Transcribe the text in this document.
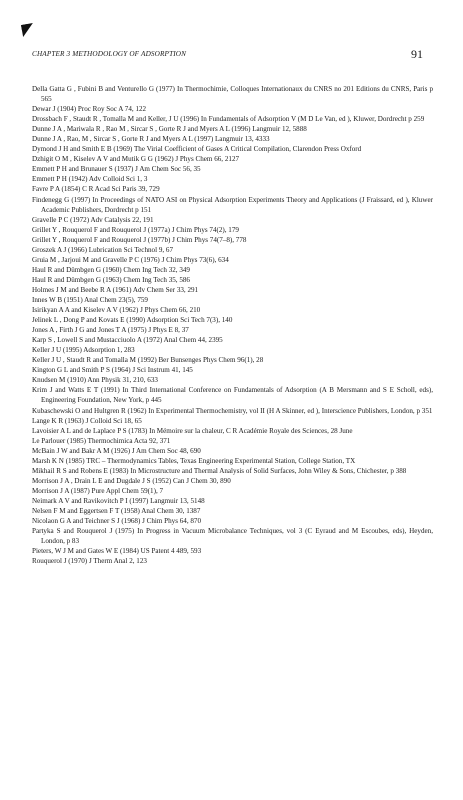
CHAPTER 3 METHODOLOGY OF ADSORPTION	91
Della Gatta G , Fubini B and Venturello G (1977) In Thermochimie, Colloques Internationaux du CNRS no 201 Editions du CNRS, Paris p 565
Dewar J (1904) Proc Roy Soc A 74, 122
Drossbach F , Staudt R , Tomalla M and Keller, J U (1996) In Fundamentals of Adsorption V (M D Le Van, ed ), Kluwer, Dordrecht p 259
Dunne J A , Mariwala R , Rao M , Sircar S , Gorte R J and Myers A L (1996) Langmuir 12, 5888
Dunne J A , Rao, M , Sircar S , Gorte R J and Myers A L (1997) Langmuir 13, 4333
Dymond J H and Smith E B (1969) The Virial Coefficient of Gases A Critical Compilation, Clarendon Press Oxford
Dzhigit O M , Kiselev A V and Mutik G G (1962) J Phys Chem 66, 2127
Emmett P H and Brunauer S (1937) J Am Chem Soc 56, 35
Emmett P H (1942) Adv Colloid Sci 1, 3
Favre P A (1854) C R Acad Sci Paris 39, 729
Findenegg G (1997) In Proceedings of NATO ASI on Physical Adsorption Experiments Theory and Applications (J Fraissard, ed ), Kluwer Academic Publishers, Dordrecht p 151
Gravelle P C (1972) Adv Catalysis 22, 191
Grillet Y , Rouquerol F and Rouquerol J (1977a) J Chim Phys 74(2), 179
Grillet Y , Rouquerol F and Rouquerol J (1977b) J Chim Phys 74(7–8), 778
Groszek A J (1966) Lubrication Sci Technol 9, 67
Gruia M , Jarjoui M and Gravelle P C (1976) J Chim Phys 73(6), 634
Haul R and Dümbgen G (1960) Chem Ing Tech 32, 349
Haul R and Dümbgen G (1963) Chem Ing Tech 35, 586
Holmes J M and Beebe R A (1961) Adv Chem Ser 33, 291
Innes W B (1951) Anal Chem 23(5), 759
Isirikyan A A and Kiselev A V (1962) J Phys Chem 66, 210
Jelinek L , Dong P and Kovats E (1990) Adsorption Sci Tech 7(3), 140
Jones A , Firth J G and Jones T A (1975) J Phys E 8, 37
Karp S , Lowell S and Mustacciuolo A (1972) Anal Chem 44, 2395
Keller J U (1995) Adsorption 1, 283
Keller J U , Staudt R and Tomalla M (1992) Ber Bunsenges Phys Chem 96(1), 28
Kington G L and Smith P S (1964) J Sci Instrum 41, 145
Knudsen M (1910) Ann Physik 31, 210, 633
Krim J and Watts E T (1991) In Third International Conference on Fundamentals of Adsorption (A B Mersmann and S E Scholl, eds), Engineering Foundation, New York, p 445
Kubaschewski O and Hultgren R (1962) In Experimental Thermochemistry, vol II (H A Skinner, ed ), Interscience Publishers, London, p 351
Lange K R (1963) J Colloid Sci 18, 65
Lavoisier A L and de Laplace P S (1783) In Mémoire sur la chaleur, C R Académie Royale des Sciences, 28 June
Le Parlouer (1985) Thermochimica Acta 92, 371
McBain J W and Bakr A M (1926) J Am Chem Soc 48, 690
Marsh K N (1985) TRC – Thermodynamics Tables, Texas Engineering Experimental Station, College Station, TX
Mikhail R S and Robens E (1983) In Microstructure and Thermal Analysis of Solid Surfaces, John Wiley & Sons, Chichester, p 388
Morrison J A , Drain L E and Dugdale J S (1952) Can J Chem 30, 890
Morrison J A (1987) Pure Appl Chem 59(1), 7
Neimark A V and Ravikovitch P I (1997) Langmuir 13, 5148
Nelsen F M and Eggertsen F T (1958) Anal Chem 30, 1387
Nicolaon G A and Teichner S J (1968) J Chim Phys 64, 870
Partyka S and Rouquerol J (1975) In Progress in Vacuum Microbalance Techniques, vol 3 (C Eyraud and M Escoubes, eds), Heyden, London, p 83
Pieters, W J M and Gates W E (1984) US Patent 4 489, 593
Rouquerol J (1970) J Therm Anal 2, 123
